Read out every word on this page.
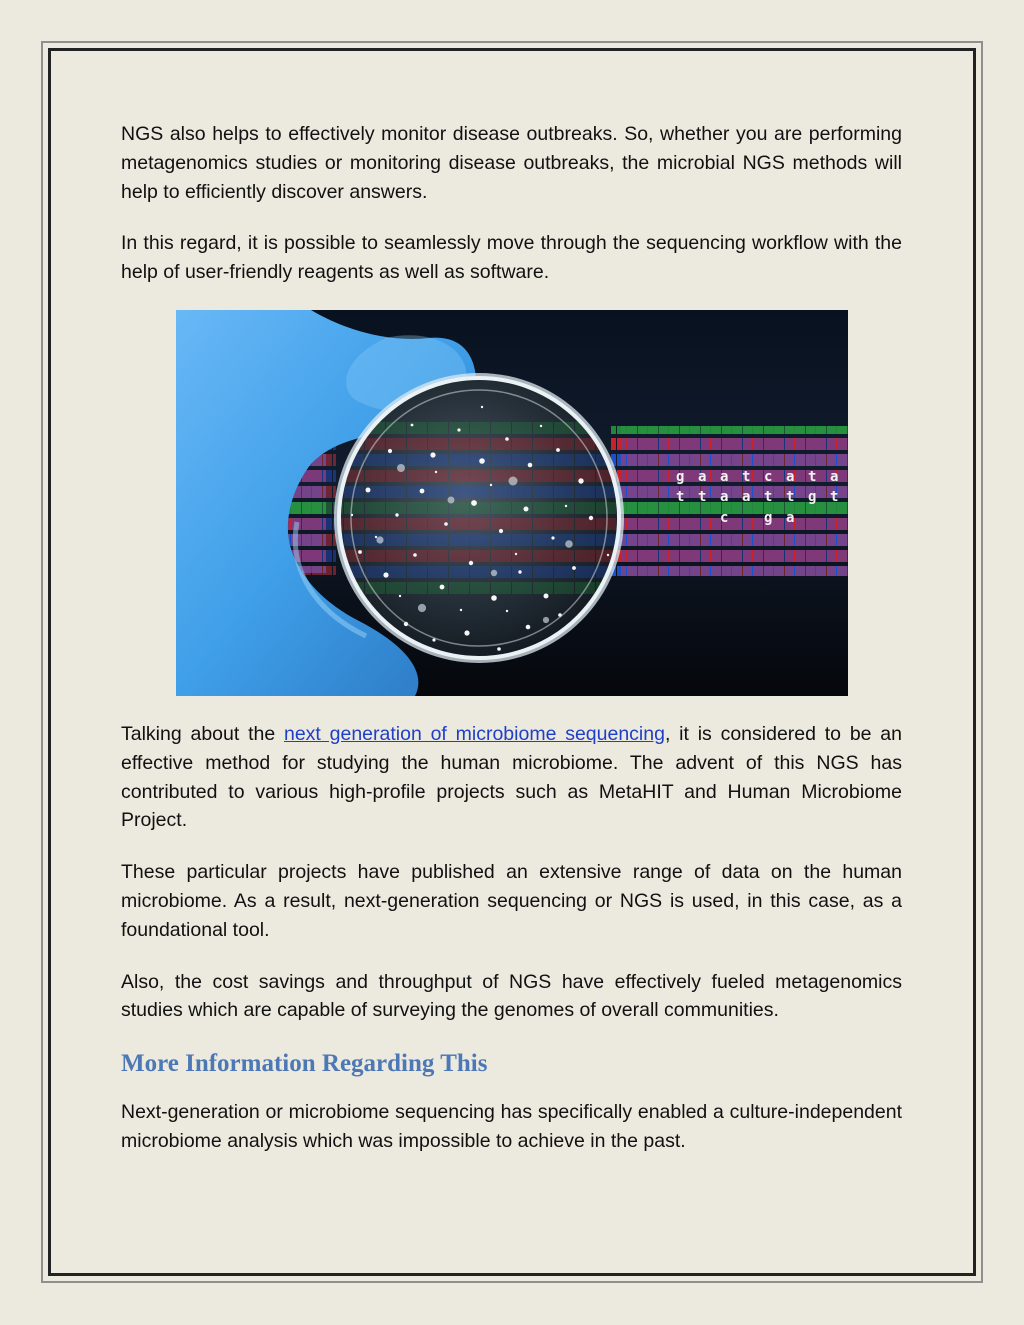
NGS also helps to effectively monitor disease outbreaks. So, whether you are performing metagenomics studies or monitoring disease outbreaks, the microbial NGS methods will help to efficiently discover answers.

In this regard, it is possible to seamlessly move through the sequencing workflow with the help of user-friendly reagents as well as software.

g a a t c a t a
t t a a t t g t
c	g a

Talking about the next generation of microbiome sequencing, it is considered to be an effective method for studying the human microbiome. The advent of this NGS has contributed to various high-profile projects such as MetaHIT and Human Microbiome Project.

These particular projects have published an extensive range of data on the human microbiome. As a result, next-generation sequencing or NGS is used, in this case, as a foundational tool.

Also, the cost savings and throughput of NGS have effectively fueled metagenomics studies which are capable of surveying the genomes of overall communities.

More Information Regarding This

Next-generation or microbiome sequencing has specifically enabled a culture-independent microbiome analysis which was impossible to achieve in the past.
